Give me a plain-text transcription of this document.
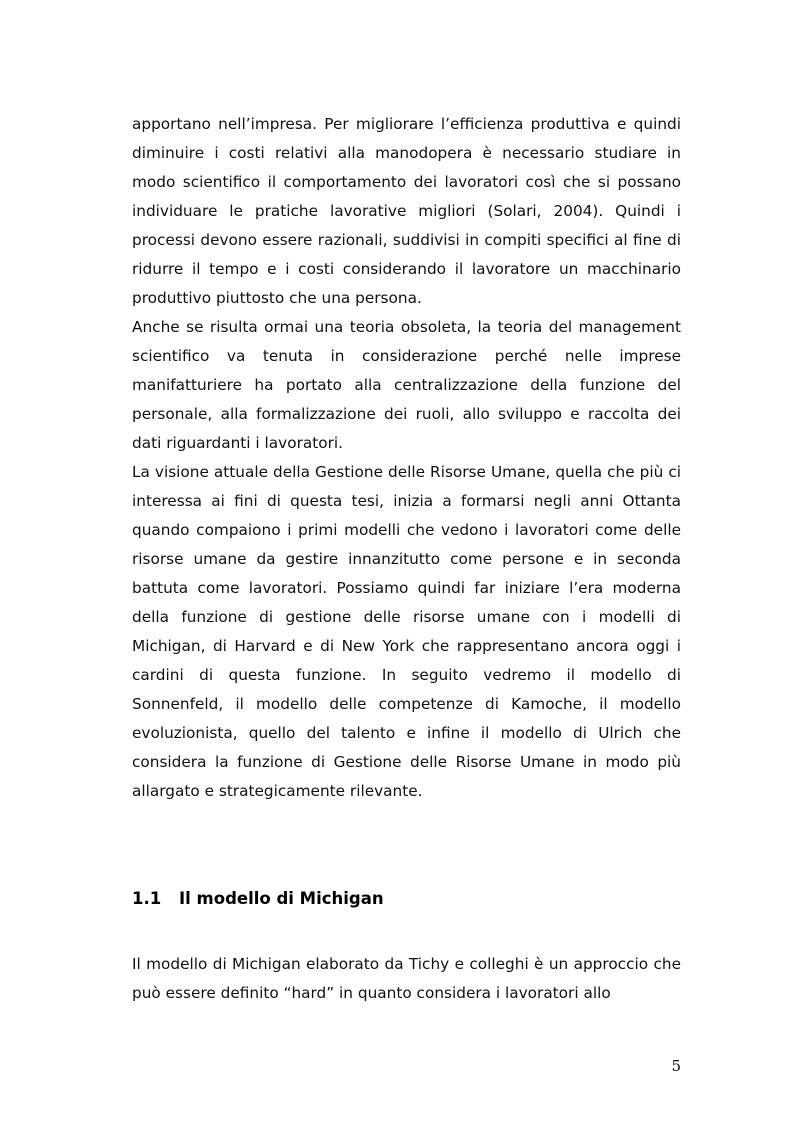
apportano nell’impresa. Per migliorare l’efficienza produttiva e quindi diminuire i costi relativi alla manodopera è necessario studiare in modo scientifico il comportamento dei lavoratori così che si possano individuare le pratiche lavorative migliori (Solari, 2004). Quindi i processi devono essere razionali, suddivisi in compiti specifici al fine di ridurre il tempo e i costi considerando il lavoratore un macchinario produttivo piuttosto che una persona.

Anche se risulta ormai una teoria obsoleta, la teoria del management scientifico va tenuta in considerazione perché nelle imprese manifatturiere ha portato alla centralizzazione della funzione del personale, alla formalizzazione dei ruoli, allo sviluppo e raccolta dei dati riguardanti i lavoratori.

La visione attuale della Gestione delle Risorse Umane, quella che più ci interessa ai fini di questa tesi, inizia a formarsi negli anni Ottanta quando compaiono i primi modelli che vedono i lavoratori come delle risorse umane da gestire innanzitutto come persone e in seconda battuta come lavoratori. Possiamo quindi far iniziare l’era moderna della funzione di gestione delle risorse umane con i modelli di Michigan, di Harvard e di New York che rappresentano ancora oggi i cardini di questa funzione. In seguito vedremo il modello di Sonnenfeld, il modello delle competenze di Kamoche, il modello evoluzionista, quello del talento e infine il modello di Ulrich che considera la funzione di Gestione delle Risorse Umane in modo più allargato e strategicamente rilevante.

1.1 Il modello di Michigan

Il modello di Michigan elaborato da Tichy e colleghi è un approccio che può essere definito “hard” in quanto considera i lavoratori allo

5
